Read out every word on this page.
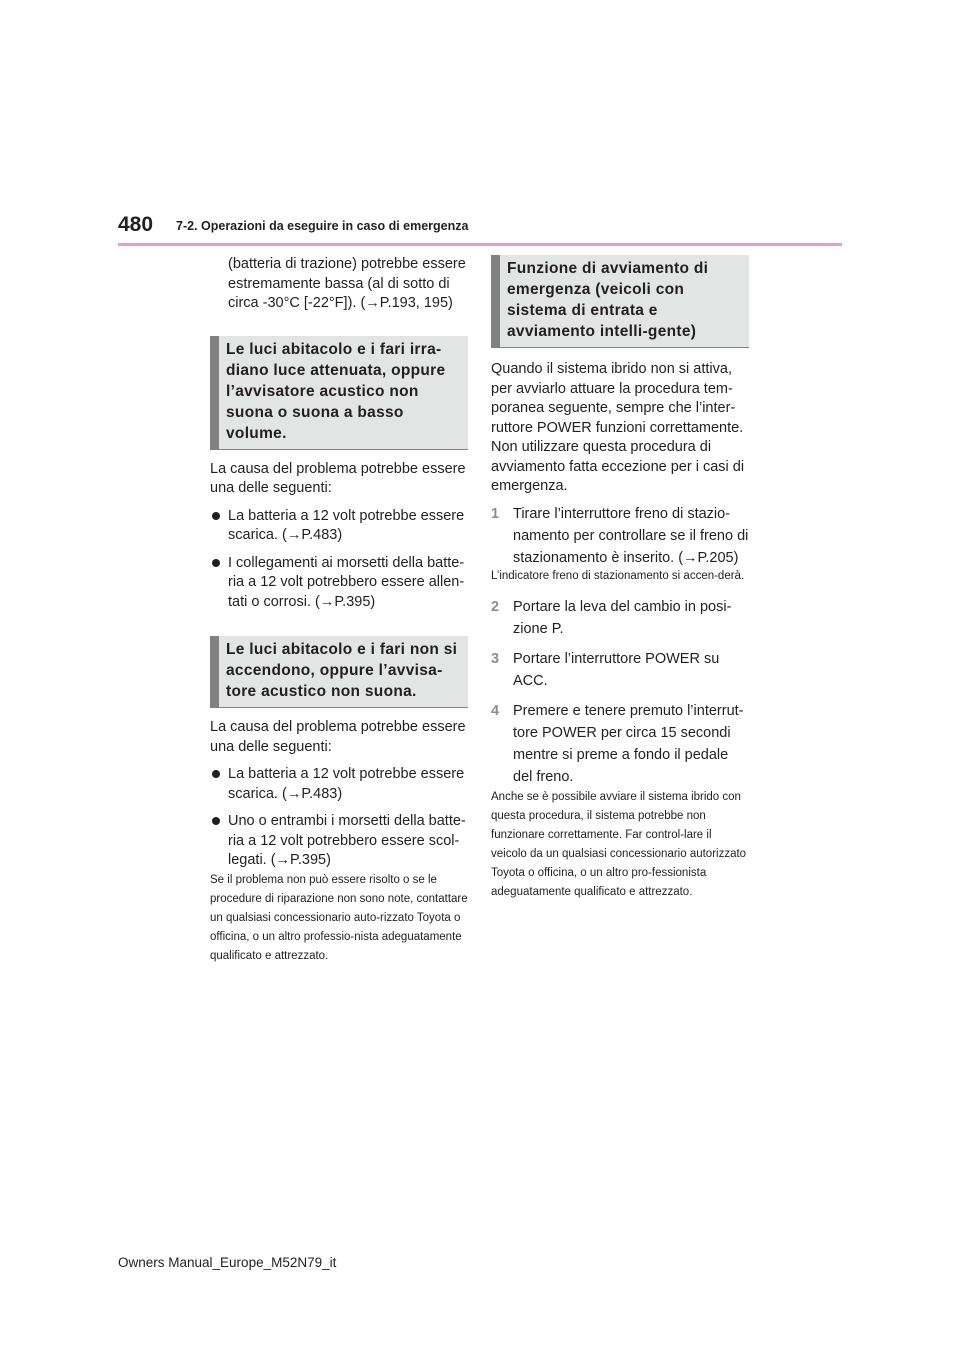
480 7-2. Operazioni da eseguire in caso di emergenza

(batteria di trazione) potrebbe essere estremamente bassa (al di sotto di circa -30°C [-22°F]). (→P.193, 195)

Le luci abitacolo e i fari irra-diano luce attenuata, oppure l’avvisatore acustico non suona o suona a basso volume.

La causa del problema potrebbe essere una delle seguenti:

La batteria a 12 volt potrebbe essere scarica. (→P.483)
I collegamenti ai morsetti della batte-ria a 12 volt potrebbero essere allen-tati o corrosi. (→P.395)
Le luci abitacolo e i fari non si accendono, oppure l’avvisa-tore acustico non suona.

La causa del problema potrebbe essere una delle seguenti:

La batteria a 12 volt potrebbe essere scarica. (→P.483)
Uno o entrambi i morsetti della batte-ria a 12 volt potrebbero essere scol-legati. (→P.395)

Se il problema non può essere risolto o se le procedure di riparazione non sono note, contattare un qualsiasi concessionario auto-rizzato Toyota o officina, o un altro professio-nista adeguatamente qualificato e attrezzato.

Funzione di avviamento di emergenza (veicoli con sistema di entrata e avviamento intelli-gente)

Quando il sistema ibrido non si attiva, per avviarlo attuare la procedura tem-poranea seguente, sempre che l’inter-ruttore POWER funzioni correttamente. Non utilizzare questa procedura di avviamento fatta eccezione per i casi di emergenza.

1 Tirare l’interruttore freno di stazio-namento per controllare se il freno di stazionamento è inserito. (→P.205)

L’indicatore freno di stazionamento si accen-derà.

2 Portare la leva del cambio in posi-zione P.
3 Portare l’interruttore POWER su ACC.
4 Premere e tenere premuto l’interrut-tore POWER per circa 15 secondi mentre si preme a fondo il pedale del freno.

Anche se è possibile avviare il sistema ibrido con questa procedura, il sistema potrebbe non funzionare correttamente. Far control-lare il veicolo da un qualsiasi concessionario autorizzato Toyota o officina, o un altro pro-fessionista adeguatamente qualificato e attrezzato.

Owners Manual_Europe_M52N79_it
